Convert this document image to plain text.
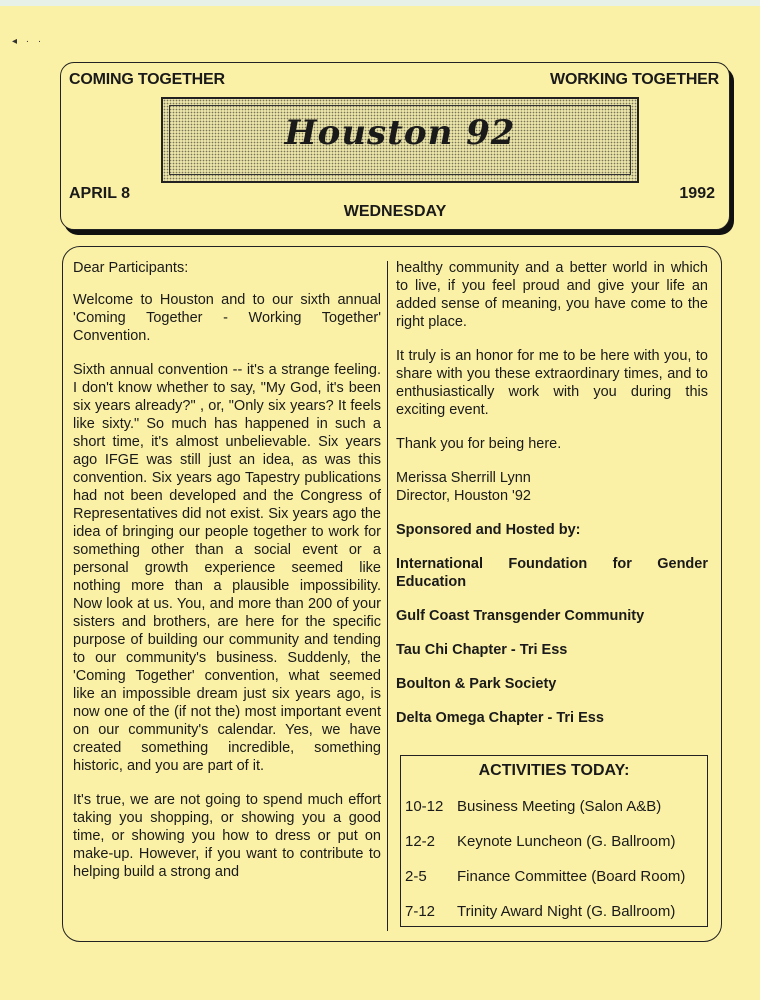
◂ · ·
COMING TOGETHER	WORKING TOGETHER
Houston 92
APRIL 8	1992
WEDNESDAY

Dear Participants:

Welcome to Houston and to our sixth annual 'Coming Together - Working Together' Convention.

Sixth annual convention -- it's a strange feeling. I don't know whether to say, "My God, it's been six years already?" , or, "Only six years? It feels like sixty." So much has happened in such a short time, it's almost unbelievable. Six years ago IFGE was still just an idea, as was this convention. Six years ago Tapestry publications had not been developed and the Congress of Representatives did not exist. Six years ago the idea of bringing our people together to work for something other than a social event or a personal growth experience seemed like nothing more than a plausible impossibility. Now look at us. You, and more than 200 of your sisters and brothers, are here for the specific purpose of building our community and tending to our community's business. Suddenly, the 'Coming Together' convention, what seemed like an impossible dream just six years ago, is now one of the (if not the) most important event on our community's calendar. Yes, we have created something incredible, something historic, and you are part of it.

It's true, we are not going to spend much effort taking you shopping, or showing you a good time, or showing you how to dress or put on make-up. However, if you want to contribute to helping build a strong and

healthy community and a better world in which to live, if you feel proud and give your life an added sense of meaning, you have come to the right place.

It truly is an honor for me to be here with you, to share with you these extraordinary times, and to enthusiastically work with you during this exciting event.

Thank you for being here.

Merissa Sherrill Lynn

Director, Houston '92

Sponsored and Hosted by:

International Foundation for Gender Education

Gulf Coast Transgender Community

Tau Chi Chapter - Tri Ess

Boulton & Park Society

Delta Omega Chapter - Tri Ess

ACTIVITIES TODAY:
10-12 Business Meeting (Salon A&B)
12-2	Keynote Luncheon (G. Ballroom)
2-5	Finance Committee (Board Room)
7-12	Trinity Award Night (G. Ballroom)
